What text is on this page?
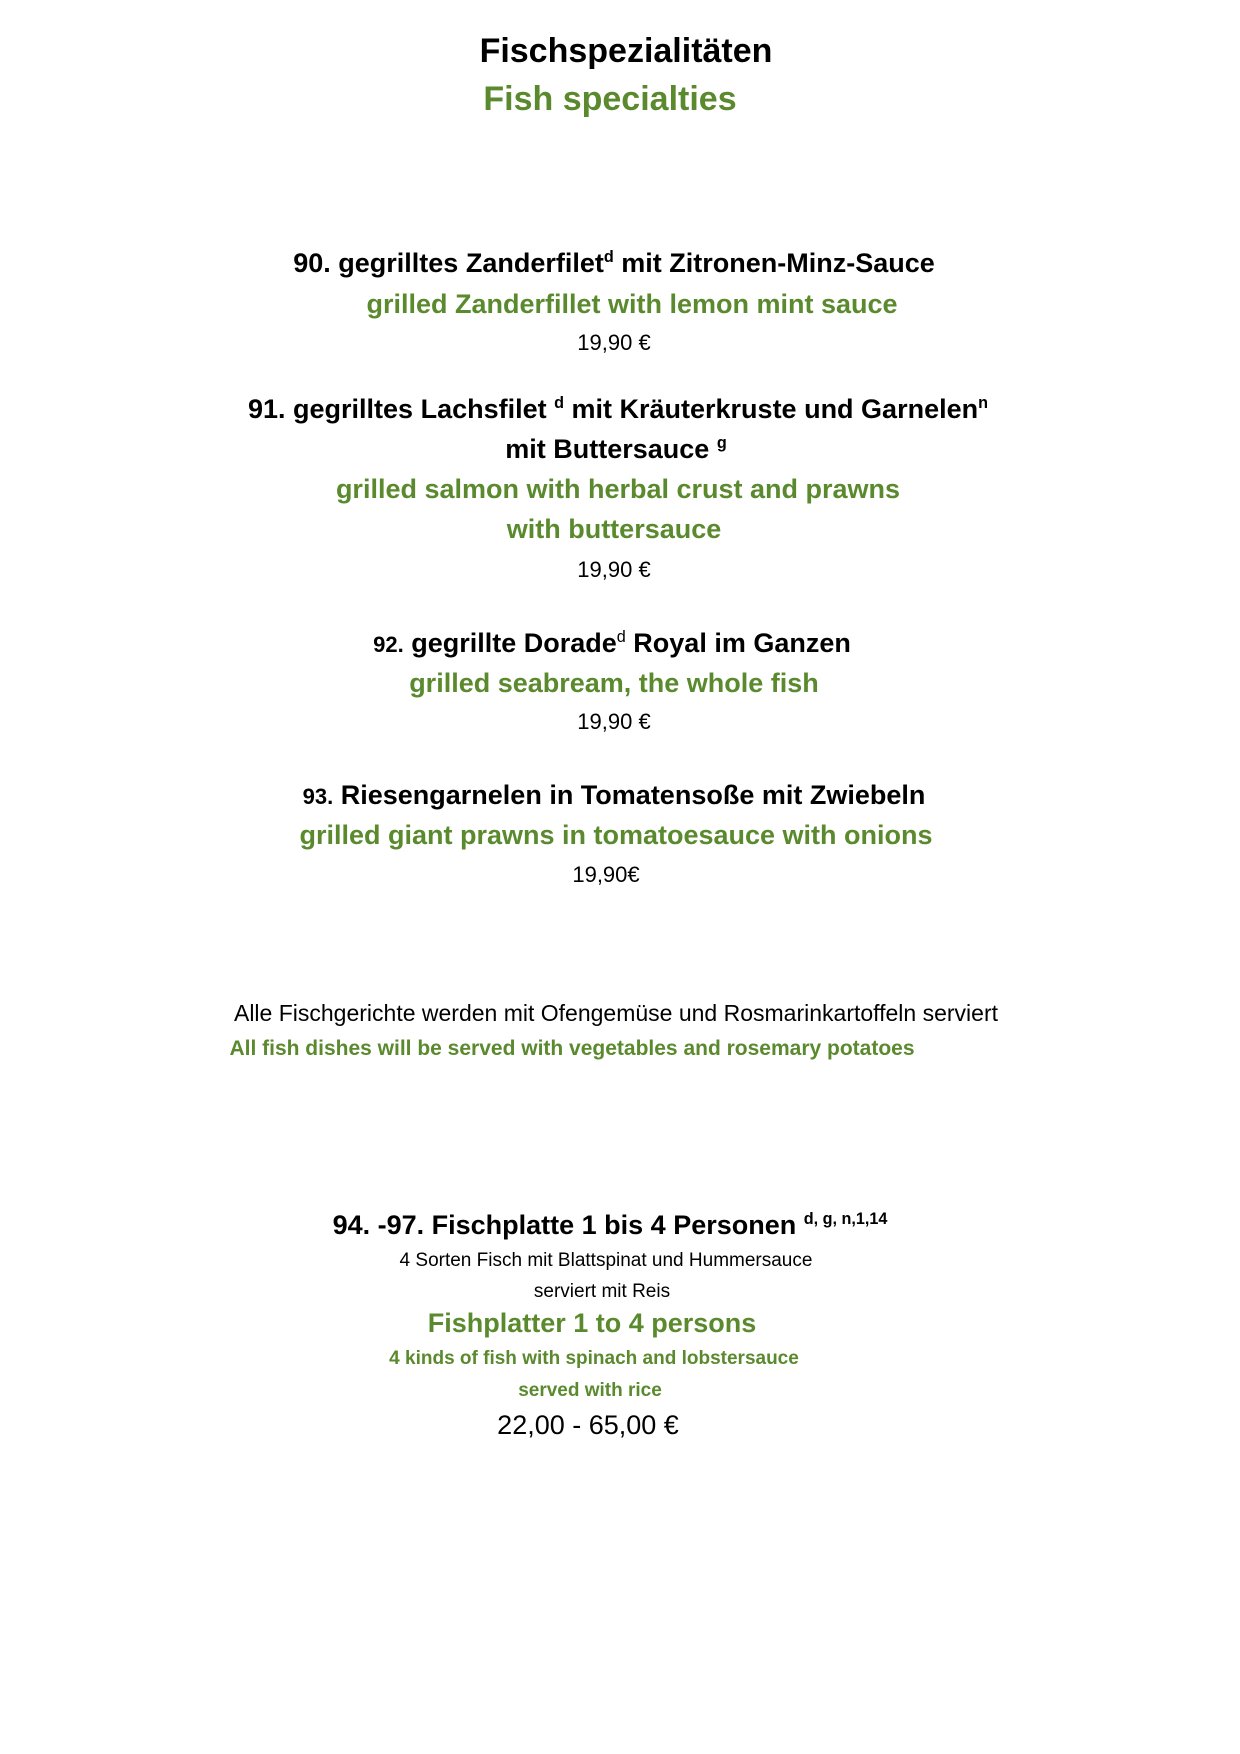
Fischspezialitäten
Fish specialties
90. gegrilltes Zanderfilet$^d$ mit Zitronen-Minz-Sauce
grilled Zanderfillet with lemon mint sauce
19,90 €
91. gegrilltes Lachsfilet $^d$ mit Kräuterkruste und Garnelen$^n$
mit Buttersauce $^g$
grilled salmon with herbal crust and prawns
with buttersauce
19,90 €
92. gegrillte Dorade$^d$ Royal im Ganzen
grilled seabream, the whole fish
19,90 €
93. Riesengarnelen in Tomatensoße mit Zwiebeln
grilled giant prawns in tomatoesauce with onions
19,90€
Alle Fischgerichte werden mit Ofengemüse und Rosmarinkartoffeln serviert
All fish dishes will be served with vegetables and rosemary potatoes
94. -97. Fischplatte 1 bis 4 Personen $^{d, g, n,1,14}$
4 Sorten Fisch mit Blattspinat und Hummersauce
serviert mit Reis
Fishplatter 1 to 4 persons
4 kinds of fish with spinach and lobstersauce
served with rice
22,00 - 65,00 €
